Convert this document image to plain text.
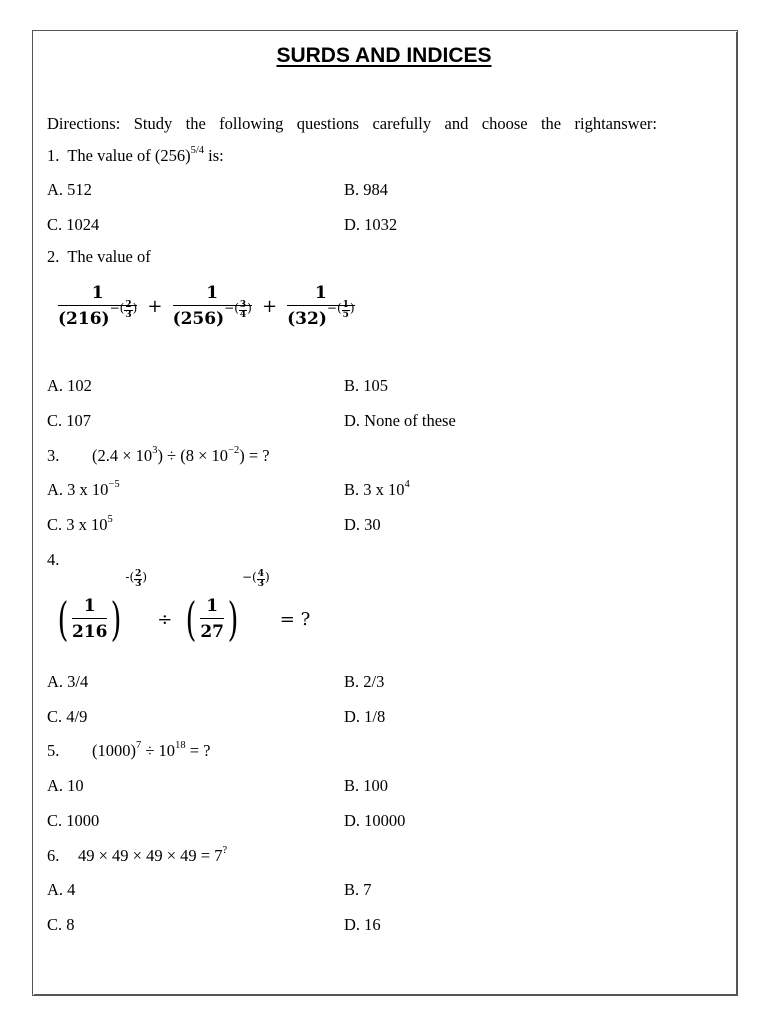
SURDS AND INDICES
Directions: Study the following questions carefully and choose the rightanswer:
1. The value of $(256)^{5/4}$ is:
A. 512	B. 984
C. 1024	D. 1032
2. The value of
$\frac{1}{(216)-( \frac{2}{3} )} + \frac{1}{(256)-( \frac{3}{4} )} + \frac{1}{(32)-( \frac{1}{5} )}$
A. 102	B. 105
C. 107	D. None of these
3. $(2.4 \times 10^3) \div (8 \times 10^{-2})$ = ?
A. 3 x $10^{-5}$	B. 3 x $10^4$
C. 3 x $10^5$	D. 30
4.
( $\frac{1}{216}$ )-( $\frac{2}{3}$ ) ÷ ( $\frac{1}{27}$ )−( $\frac{4}{3}$ ) = ?
A. 3/4	B. 2/3
C. 4/9	D. 1/8
5. $(1000)^7 \div 10^{18}$ = ?
A. 10	B. 100
C. 1000	D. 10000
6. 49 × 49 × 49 × 49 = 7?
A. 4	B. 7
C. 8	D. 16
